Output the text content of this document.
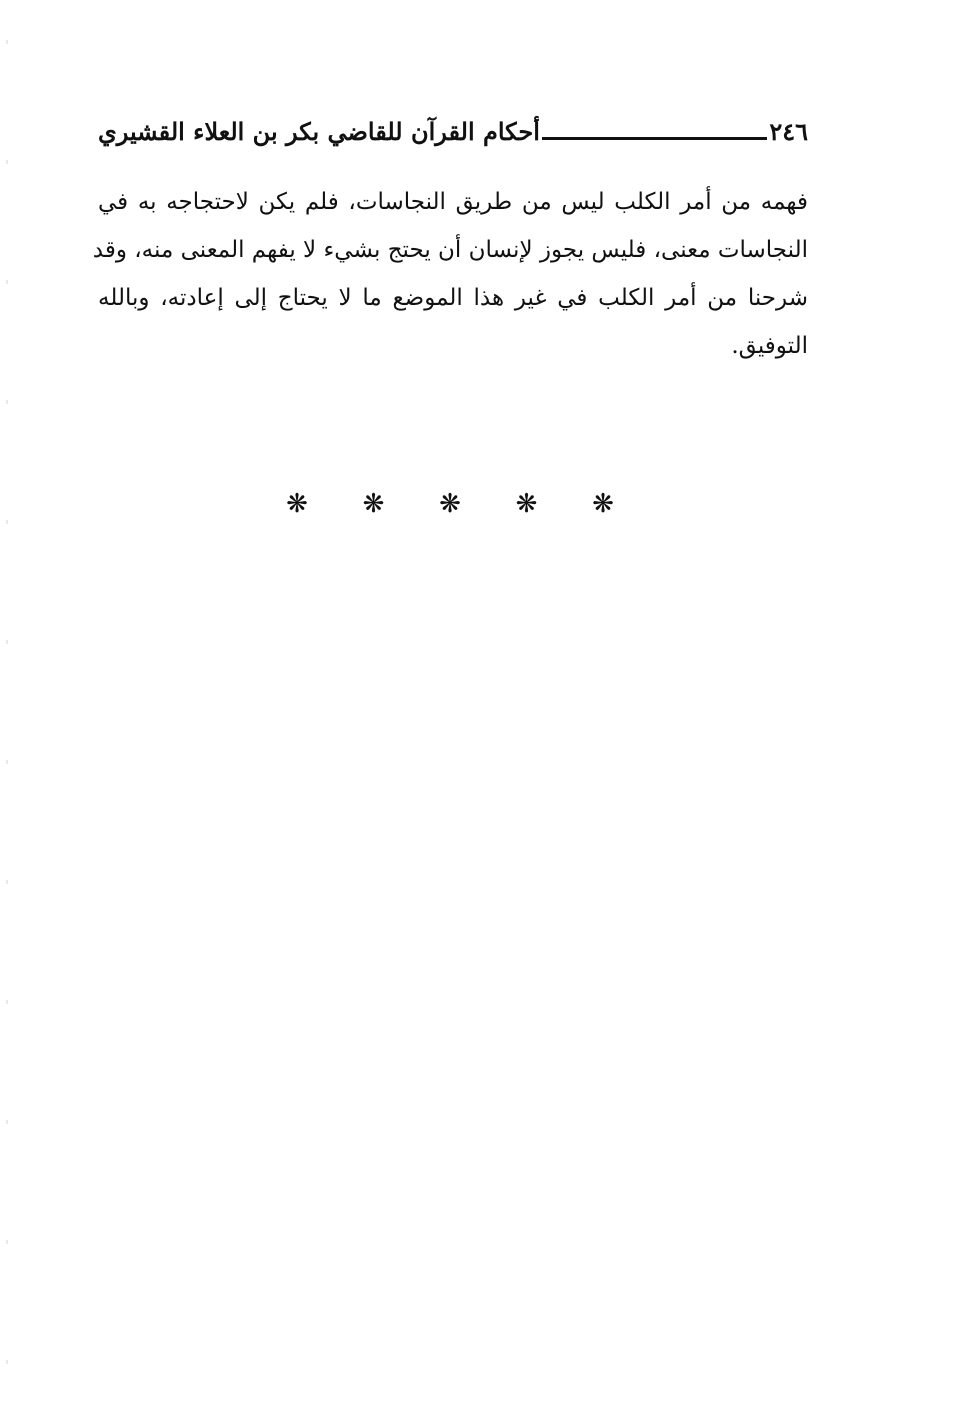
٢٤٦
أحكام القرآن للقاضي بكر بن العلاء القشيري
فهمه من أمر الكلب ليس من طريق النجاسات، فلم يكن لاحتجاجه به في
النجاسات معنى، فليس يجوز لإنسان أن يحتج بشيء لا يفهم المعنى منه، وقد
شرحنا من أمر الكلب في غير هذا الموضع ما لا يحتاج إلى إعادته، وبالله
التوفيق.
❋ ❋ ❋ ❋ ❋
